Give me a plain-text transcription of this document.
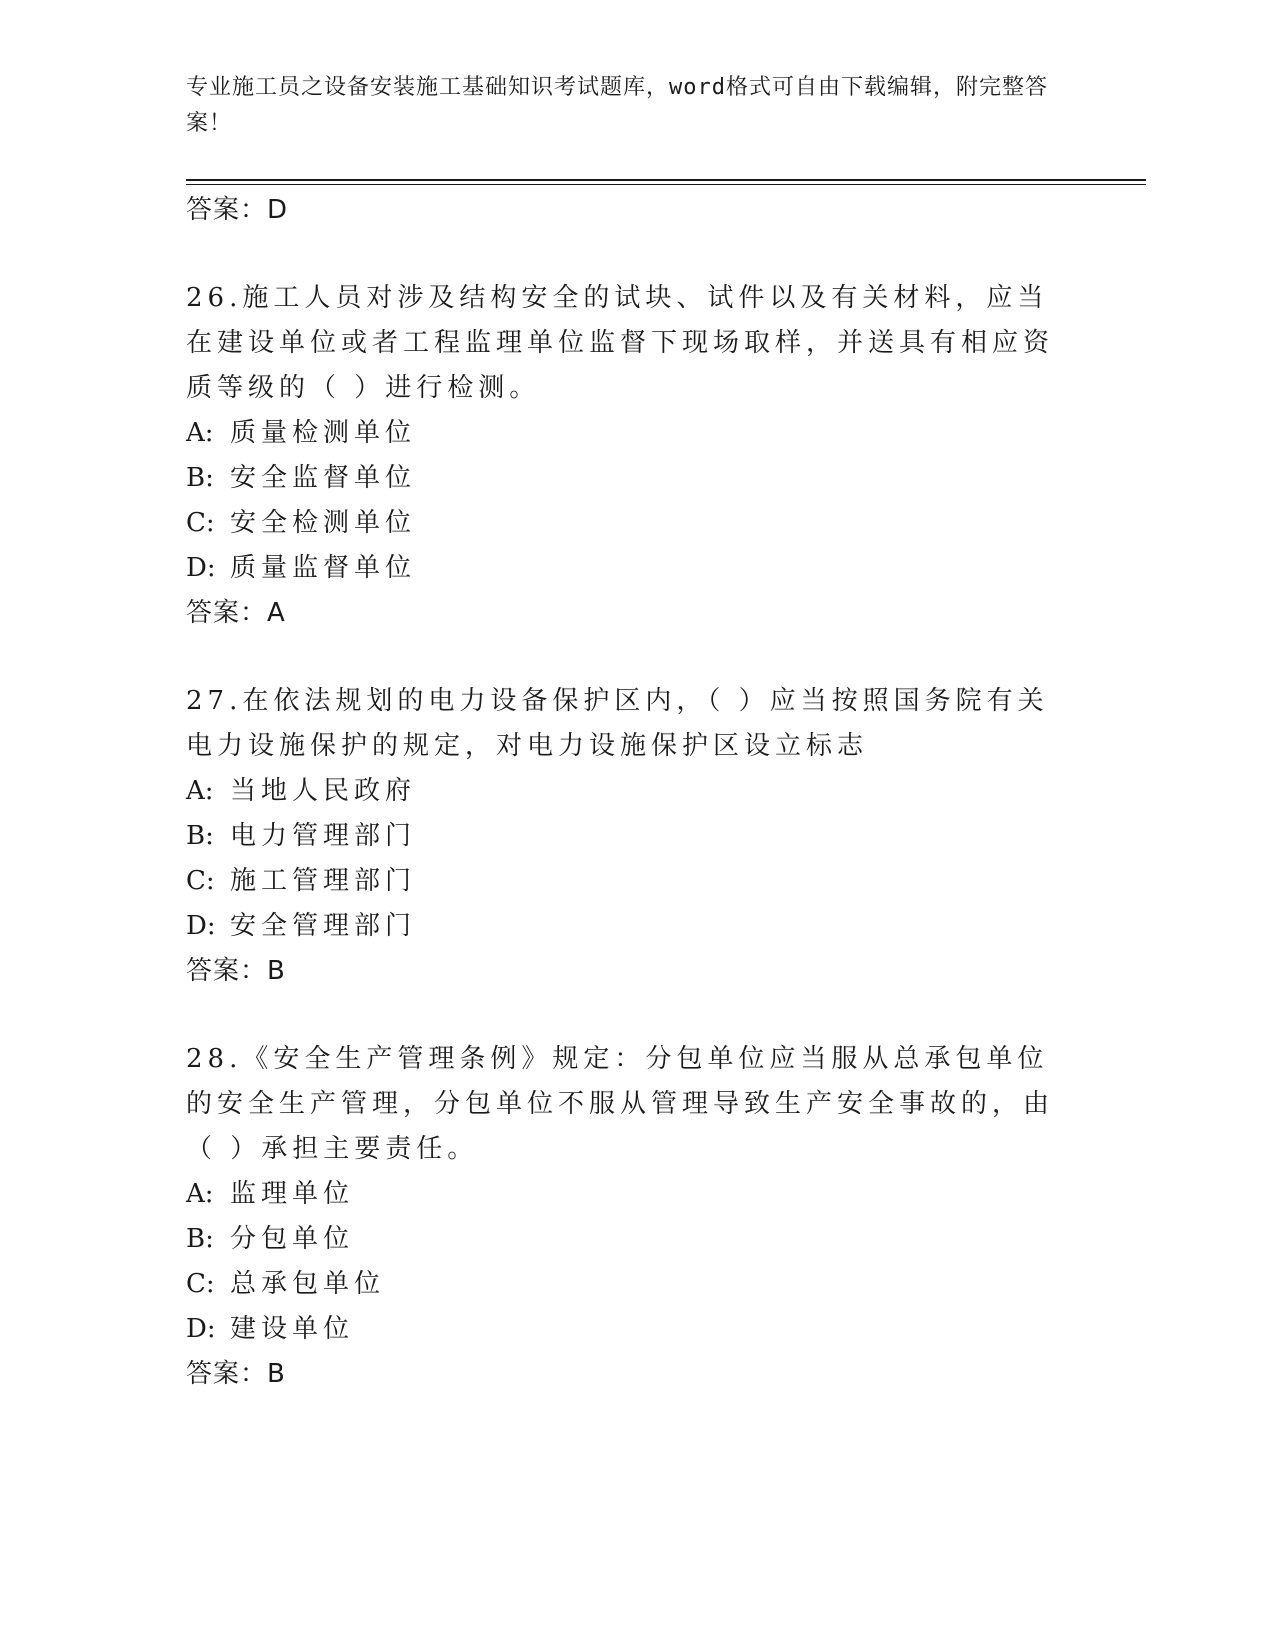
专业施工员之设备安装施工基础知识考试题库，word格式可自由下载编辑，附完整答案！
答案：D
26.施工人员对涉及结构安全的试块、试件以及有关材料，应当在建设单位或者工程监理单位监督下现场取样，并送具有相应资质等级的（ ）进行检测。
A: 质量检测单位
B: 安全监督单位
C: 安全检测单位
D: 质量监督单位
答案：A
27.在依法规划的电力设备保护区内，（ ）应当按照国务院有关电力设施保护的规定，对电力设施保护区设立标志
A: 当地人民政府
B: 电力管理部门
C: 施工管理部门
D: 安全管理部门
答案：B
28.《安全生产管理条例》规定：分包单位应当服从总承包单位的安全生产管理，分包单位不服从管理导致生产安全事故的，由（ ）承担主要责任。
A: 监理单位
B: 分包单位
C: 总承包单位
D: 建设单位
答案：B
